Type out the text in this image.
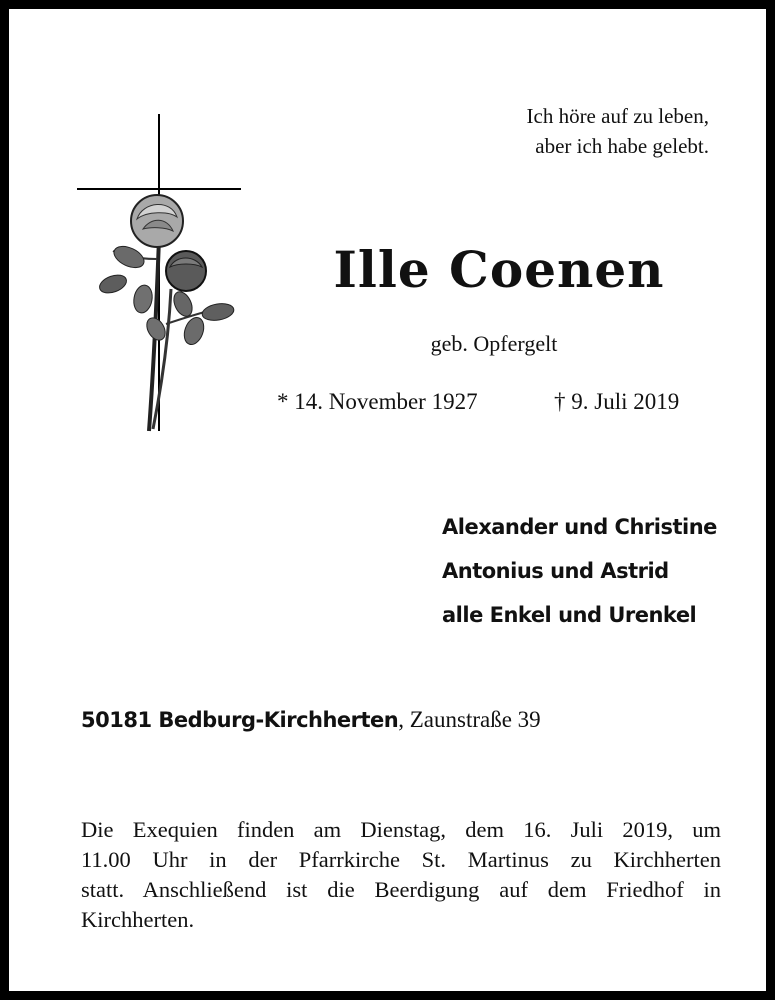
Ich höre auf zu leben,
aber ich habe gelebt.
Ille Coenen
geb. Opfergelt
* 14. November 1927	† 9. Juli 2019
Alexander und Christine
Antonius und Astrid
alle Enkel und Urenkel
50181 Bedburg-Kirchherten, Zaunstraße 39
Die Exequien finden am Dienstag, dem 16. Juli 2019, um
11.00 Uhr in der Pfarrkirche St. Martinus zu Kirchherten
statt. Anschließend ist die Beerdigung auf dem Friedhof in
Kirchherten.
